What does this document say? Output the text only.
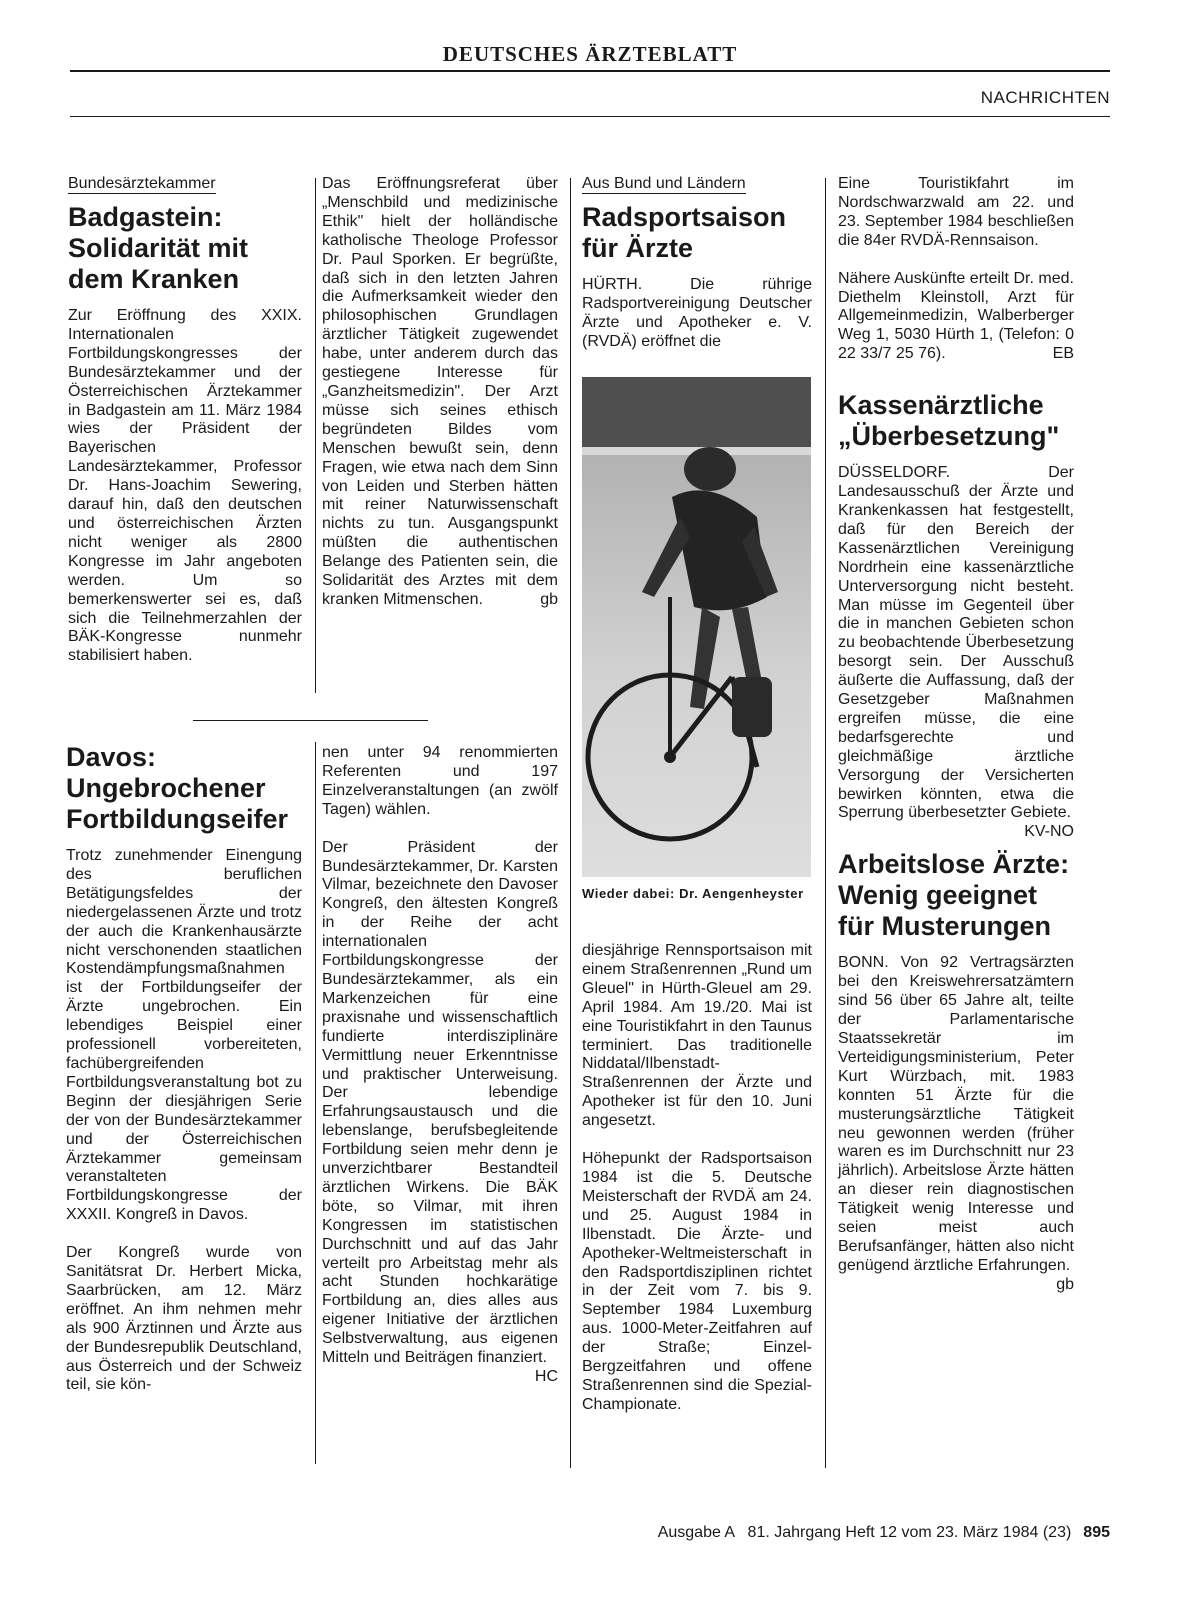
DEUTSCHES ÄRZTEBLATT
NACHRICHTEN
Bundesärztekammer
Badgastein: Solidarität mit dem Kranken

Zur Eröffnung des XXIX. Internationalen Fortbildungskongresses der Bundesärztekammer und der Österreichischen Ärztekammer in Badgastein am 11. März 1984 wies der Präsident der Bayerischen Landesärztekammer, Professor Dr. Hans-Joachim Sewering, darauf hin, daß den deutschen und österreichischen Ärzten nicht weniger als 2800 Kongresse im Jahr angeboten werden. Um so bemerkenswerter sei es, daß sich die Teilnehmerzahlen der BÄK-Kongresse nunmehr stabilisiert haben.

Das Eröffnungsreferat über „Menschbild und medizinische Ethik" hielt der holländische katholische Theologe Professor Dr. Paul Sporken. Er begrüßte, daß sich in den letzten Jahren die Aufmerksamkeit wieder den philosophischen Grundlagen ärztlicher Tätigkeit zugewendet habe, unter anderem durch das gestiegene Interesse für „Ganzheitsmedizin". Der Arzt müsse sich seines ethisch begründeten Bildes vom Menschen bewußt sein, denn Fragen, wie etwa nach dem Sinn von Leiden und Sterben hätten mit reiner Naturwissenschaft nichts zu tun. Ausgangspunkt müßten die authentischen Belange des Patienten sein, die Solidarität des Arztes mit dem kranken Mitmenschen.	gb

Davos: Ungebrochener Fortbildungseifer

Trotz zunehmender Einengung des beruflichen Betätigungsfeldes der niedergelassenen Ärzte und trotz der auch die Krankenhausärzte nicht verschonenden staatlichen Kostendämpfungsmaßnahmen ist der Fortbildungseifer der Ärzte ungebrochen. Ein lebendiges Beispiel einer professionell vorbereiteten, fachübergreifenden Fortbildungsveranstaltung bot zu Beginn der diesjährigen Serie der von der Bundesärztekammer und der Österreichischen Ärztekammer gemeinsam veranstalteten Fortbildungskongresse der XXXII. Kongreß in Davos.

Der Kongreß wurde von Sanitätsrat Dr. Herbert Micka, Saarbrücken, am 12. März eröffnet. An ihm nehmen mehr als 900 Ärztinnen und Ärzte aus der Bundesrepublik Deutschland, aus Österreich und der Schweiz teil, sie kön-

nen unter 94 renommierten Referenten und 197 Einzelveranstaltungen (an zwölf Tagen) wählen.

Der Präsident der Bundesärztekammer, Dr. Karsten Vilmar, bezeichnete den Davoser Kongreß, den ältesten Kongreß in der Reihe der acht internationalen Fortbildungskongresse der Bundesärztekammer, als ein Markenzeichen für eine praxisnahe und wissenschaftlich fundierte interdisziplinäre Vermittlung neuer Erkenntnisse und praktischer Unterweisung. Der lebendige Erfahrungsaustausch und die lebenslange, berufsbegleitende Fortbildung seien mehr denn je unverzichtbarer Bestandteil ärztlichen Wirkens. Die BÄK böte, so Vilmar, mit ihren Kongressen im statistischen Durchschnitt und auf das Jahr verteilt pro Arbeitstag mehr als acht Stunden hochkarätige Fortbildung an, dies alles aus eigener Initiative der ärztlichen Selbstverwaltung, aus eigenen Mitteln und Beiträgen finanziert.
HC

Aus Bund und Ländern
Radsportsaison für Ärzte

HÜRTH. Die rührige Radsportvereinigung Deutscher Ärzte und Apotheker e. V. (RVDÄ) eröffnet die

Wieder dabei: Dr. Aengenheyster

diesjährige Rennsportsaison mit einem Straßenrennen „Rund um Gleuel" in Hürth-Gleuel am 29. April 1984. Am 19./20. Mai ist eine Touristikfahrt in den Taunus terminiert. Das traditionelle Niddatal/Ilbenstadt-Straßenrennen der Ärzte und Apotheker ist für den 10. Juni angesetzt.

Höhepunkt der Radsportsaison 1984 ist die 5. Deutsche Meisterschaft der RVDÄ am 24. und 25. August 1984 in Ilbenstadt. Die Ärzte- und Apotheker-Weltmeisterschaft in den Radsportdisziplinen richtet in der Zeit vom 7. bis 9. September 1984 Luxemburg aus. 1000-Meter-Zeitfahren auf der Straße; Einzel-Bergzeitfahren und offene Straßenrennen sind die Spezial-Championate.

Eine Touristikfahrt im Nordschwarzwald am 22. und 23. September 1984 beschließen die 84er RVDÄ-Rennsaison.

Nähere Auskünfte erteilt Dr. med. Diethelm Kleinstoll, Arzt für Allgemeinmedizin, Walberberger Weg 1, 5030 Hürth 1, (Telefon: 0 22 33/7 25 76).	EB

Kassenärztliche „Überbesetzung"

DÜSSELDORF. Der Landesausschuß der Ärzte und Krankenkassen hat festgestellt, daß für den Bereich der Kassenärztlichen Vereinigung Nordrhein eine kassenärztliche Unterversorgung nicht besteht. Man müsse im Gegenteil über die in manchen Gebieten schon zu beobachtende Überbesetzung besorgt sein. Der Ausschuß äußerte die Auffassung, daß der Gesetzgeber Maßnahmen ergreifen müsse, die eine bedarfsgerechte und gleichmäßige ärztliche Versorgung der Versicherten bewirken könnten, etwa die Sperrung überbesetzter Gebiete.
KV-NO

Arbeitslose Ärzte: Wenig geeignet für Musterungen

BONN. Von 92 Vertragsärzten bei den Kreiswehrersatzämtern sind 56 über 65 Jahre alt, teilte der Parlamentarische Staatssekretär im Verteidigungsministerium, Peter Kurt Würzbach, mit. 1983 konnten 51 Ärzte für die musterungsärztliche Tätigkeit neu gewonnen werden (früher waren es im Durchschnitt nur 23 jährlich). Arbeitslose Ärzte hätten an dieser rein diagnostischen Tätigkeit wenig Interesse und seien meist auch Berufsanfänger, hätten also nicht genügend ärztliche Erfahrungen.
gb

Ausgabe A   81. Jahrgang Heft 12 vom 23. März 1984 (23) 895
